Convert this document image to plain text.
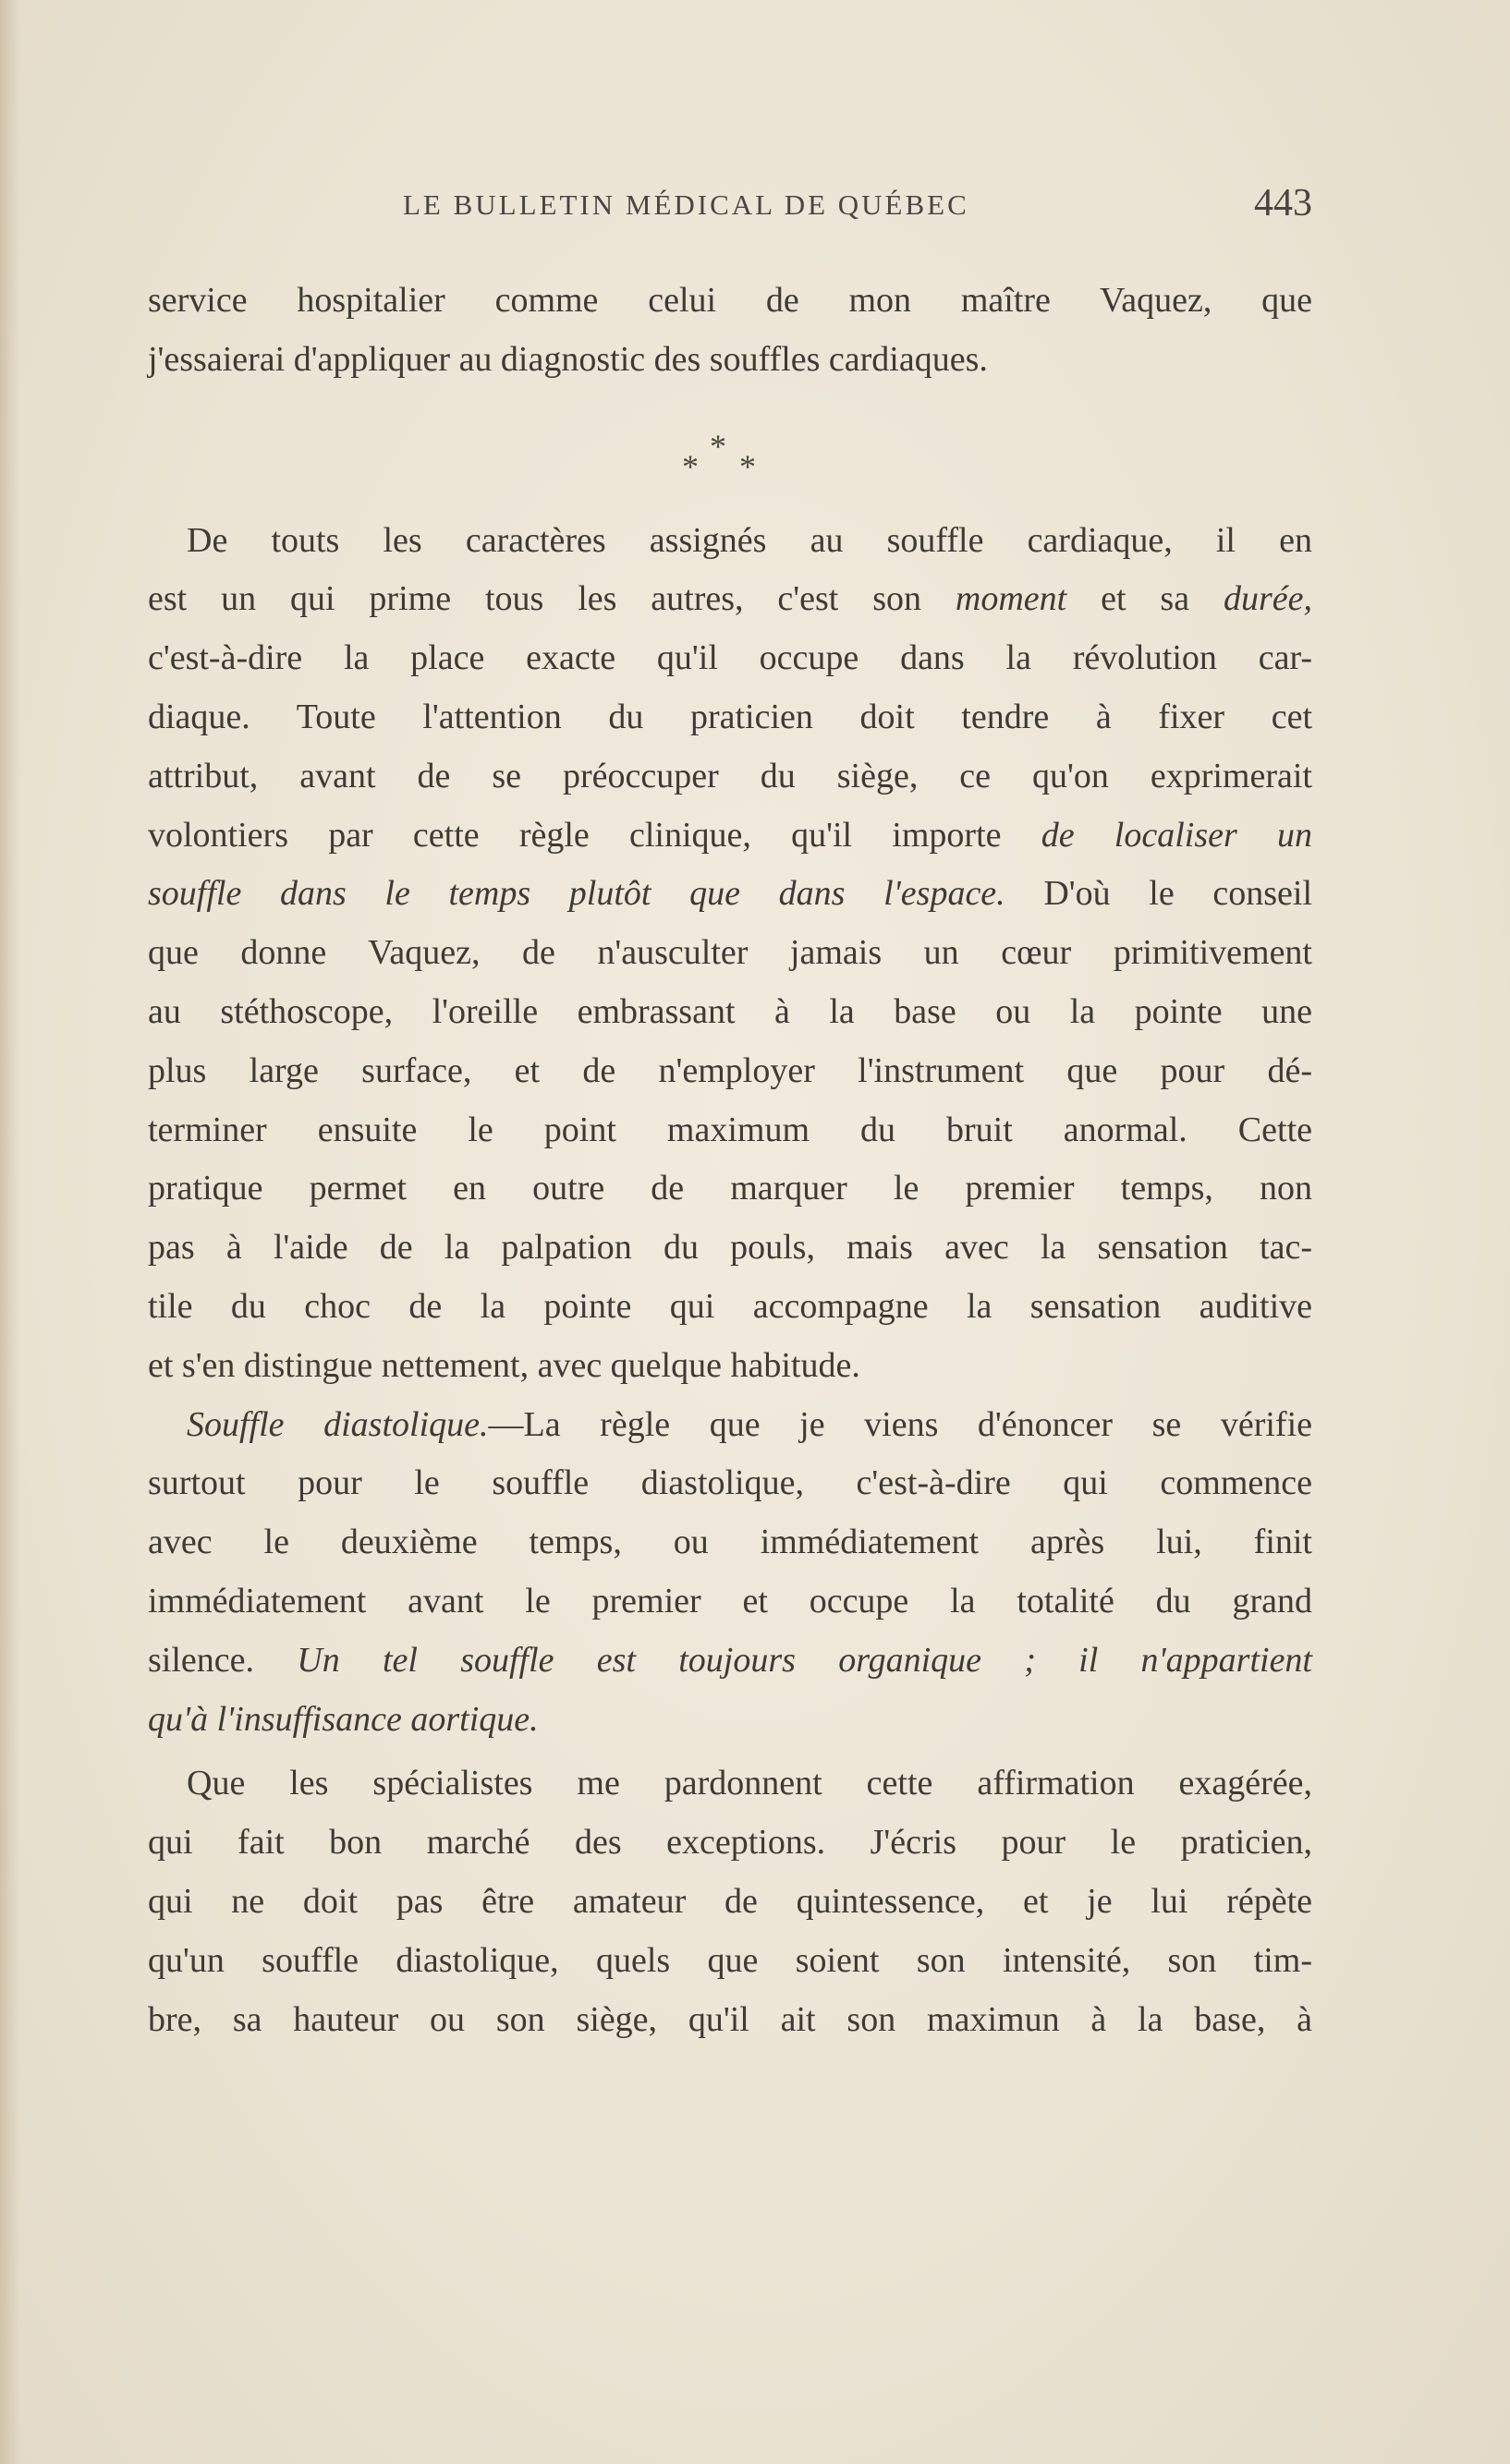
LE BULLETIN MÉDICAL DE QUÉBEC	443
service hospitalier comme celui de mon maître Vaquez, que
j'essaierai d'appliquer au diagnostic des souffles cardiaques.
*
* *
De touts les caractères assignés au souffle cardiaque, il en
est un qui prime tous les autres, c'est son moment et sa durée,
c'est-à-dire la place exacte qu'il occupe dans la révolution car-
diaque. Toute l'attention du praticien doit tendre à fixer cet
attribut, avant de se préoccuper du siège, ce qu'on exprimerait
volontiers par cette règle clinique, qu'il importe de localiser un
souffle dans le temps plutôt que dans l'espace. D'où le conseil
que donne Vaquez, de n'ausculter jamais un cœur primitivement
au stéthoscope, l'oreille embrassant à la base ou la pointe une
plus large surface, et de n'employer l'instrument que pour dé-
terminer ensuite le point maximum du bruit anormal. Cette
pratique permet en outre de marquer le premier temps, non
pas à l'aide de la palpation du pouls, mais avec la sensation tac-
tile du choc de la pointe qui accompagne la sensation auditive
et s'en distingue nettement, avec quelque habitude.
Souffle diastolique.—La règle que je viens d'énoncer se vérifie
surtout pour le souffle diastolique, c'est-à-dire qui commence
avec le deuxième temps, ou immédiatement après lui, finit
immédiatement avant le premier et occupe la totalité du grand
silence. Un tel souffle est toujours organique ; il n'appartient
qu'à l'insuffisance aortique.
Que les spécialistes me pardonnent cette affirmation exagérée,
qui fait bon marché des exceptions. J'écris pour le praticien,
qui ne doit pas être amateur de quintessence, et je lui répète
qu'un souffle diastolique, quels que soient son intensité, son tim-
bre, sa hauteur ou son siège, qu'il ait son maximun à la base, à
